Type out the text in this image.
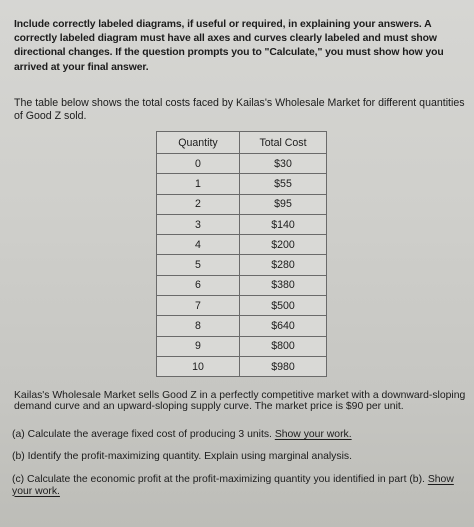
Include correctly labeled diagrams, if useful or required, in explaining your answers. A correctly labeled diagram must have all axes and curves clearly labeled and must show directional changes. If the question prompts you to "Calculate," you must show how you arrived at your final answer.
The table below shows the total costs faced by Kailas's Wholesale Market for different quantities of Good Z sold.
Quantity	Total Cost
0	$30
1	$55
2	$95
3	$140
4	$200
5	$280
6	$380
7	$500
8	$640
9	$800
10	$980
Kailas's Wholesale Market sells Good Z in a perfectly competitive market with a downward-sloping demand curve and an upward-sloping supply curve. The market price is $90 per unit.
(a) Calculate the average fixed cost of producing 3 units. Show your work.
(b) Identify the profit-maximizing quantity. Explain using marginal analysis.
(c) Calculate the economic profit at the profit-maximizing quantity you identified in part (b). Show your work.
